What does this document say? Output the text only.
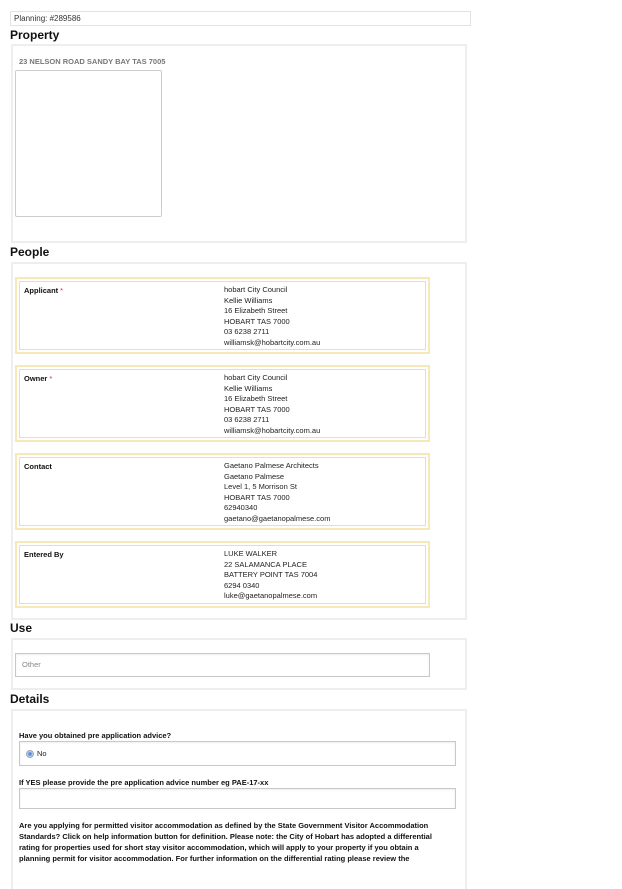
Planning: #289586
Property
23 NELSON ROAD SANDY BAY TAS 7005
People
Applicant *	hobart City Council
Kellie Williams
16 Elizabeth Street
HOBART TAS 7000
03 6238 2711
williamsk@hobartcity.com.au
Owner *	hobart City Council
Kellie Williams
16 Elizabeth Street
HOBART TAS 7000
03 6238 2711
williamsk@hobartcity.com.au
Contact	Gaetano Palmese Architects
Gaetano Palmese
Level 1, 5 Morrison St
HOBART TAS 7000
62940340
gaetano@gaetanopalmese.com
Entered By	LUKE WALKER
22 SALAMANCA PLACE
BATTERY POINT TAS 7004
6294 0340
luke@gaetanopalmese.com
Use
Other
Details
Have you obtained pre application advice?
No
If YES please provide the pre application advice number eg PAE-17-xx
Are you applying for permitted visitor accommodation as defined by the State Government Visitor Accommodation Standards? Click on help information button for definition. Please note: the City of Hobart has adopted a differential rating for properties used for short stay visitor accommodation, which will apply to your property if you obtain a planning permit for visitor accommodation. For further information on the differential rating please review the
